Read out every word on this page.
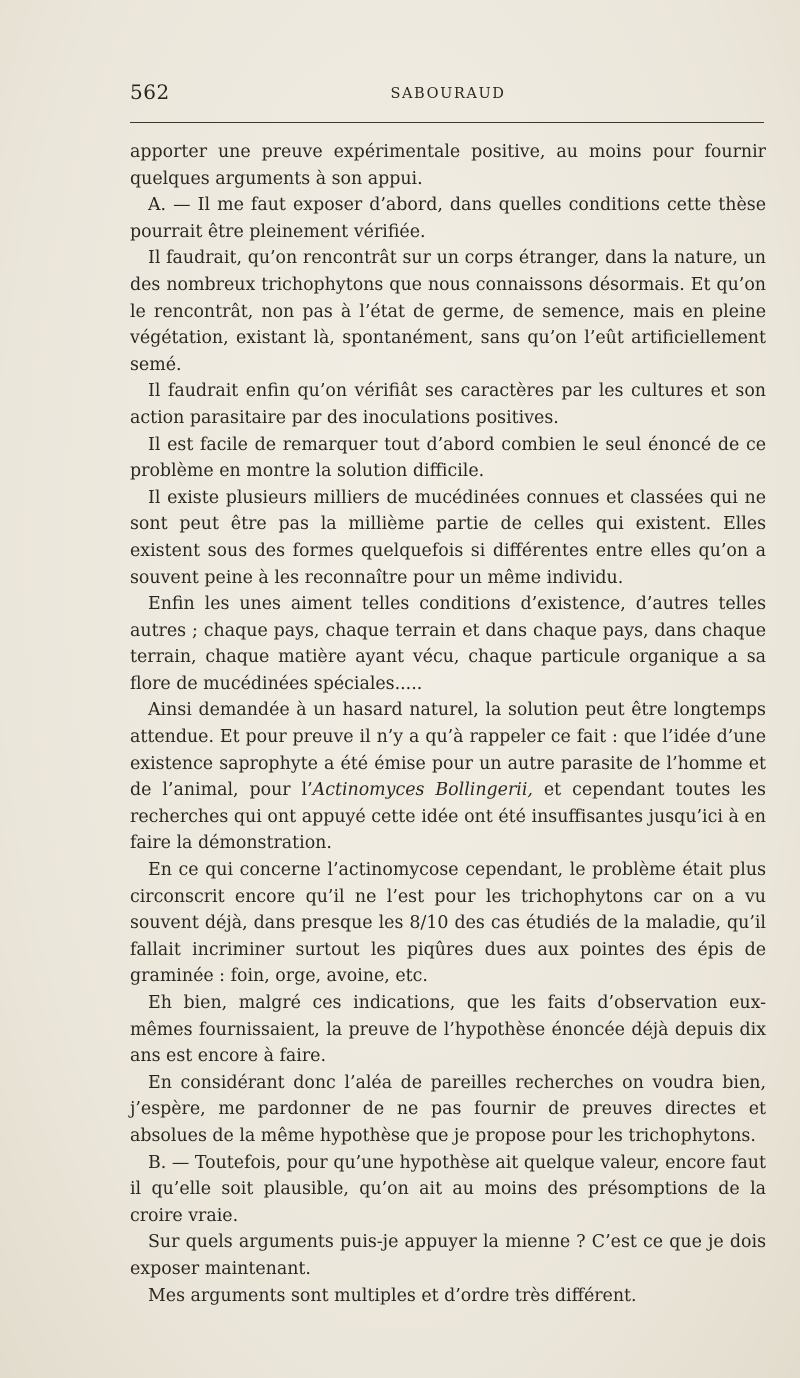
562	SABOURAUD

apporter une preuve expérimentale positive, au moins pour fournir quelques arguments à son appui.

A. — Il me faut exposer d’abord, dans quelles conditions cette thèse pourrait être pleinement vérifiée.

Il faudrait, qu’on rencontrât sur un corps étranger, dans la nature, un des nombreux trichophytons que nous connaissons désormais. Et qu’on le rencontrât, non pas à l’état de germe, de semence, mais en pleine végétation, existant là, spontanément, sans qu’on l’eût artificiellement semé.

Il faudrait enfin qu’on vérifiât ses caractères par les cultures et son action parasitaire par des inoculations positives.

Il est facile de remarquer tout d’abord combien le seul énoncé de ce problème en montre la solution difficile.

Il existe plusieurs milliers de mucédinées connues et classées qui ne sont peut être pas la millième partie de celles qui existent. Elles existent sous des formes quelquefois si différentes entre elles qu’on a souvent peine à les reconnaître pour un même individu.

Enfin les unes aiment telles conditions d’existence, d’autres telles autres ; chaque pays, chaque terrain et dans chaque pays, dans chaque terrain, chaque matière ayant vécu, chaque particule organique a sa flore de mucédinées spéciales.....

Ainsi demandée à un hasard naturel, la solution peut être longtemps attendue. Et pour preuve il n’y a qu’à rappeler ce fait : que l’idée d’une existence saprophyte a été émise pour un autre parasite de l’homme et de l’animal, pour l’Actinomyces Bollingerii, et cependant toutes les recherches qui ont appuyé cette idée ont été insuffisantes jusqu’ici à en faire la démonstration.

En ce qui concerne l’actinomycose cependant, le problème était plus circonscrit encore qu’il ne l’est pour les trichophytons car on a vu souvent déjà, dans presque les 8/10 des cas étudiés de la maladie, qu’il fallait incriminer surtout les piqûres dues aux pointes des épis de graminée : foin, orge, avoine, etc.

Eh bien, malgré ces indications, que les faits d’observation eux-mêmes fournissaient, la preuve de l’hypothèse énoncée déjà depuis dix ans est encore à faire.

En considérant donc l’aléa de pareilles recherches on voudra bien, j’espère, me pardonner de ne pas fournir de preuves directes et absolues de la même hypothèse que je propose pour les trichophytons.

B. — Toutefois, pour qu’une hypothèse ait quelque valeur, encore faut il qu’elle soit plausible, qu’on ait au moins des présomptions de la croire vraie.

Sur quels arguments puis-je appuyer la mienne ? C’est ce que je dois exposer maintenant.

Mes arguments sont multiples et d’ordre très différent.
